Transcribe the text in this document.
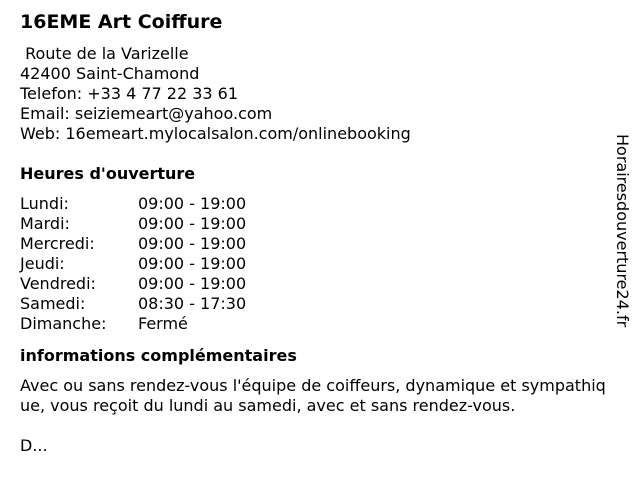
16EME Art Coiffure
Route de la Varizelle
42400 Saint-Chamond
Telefon: +33 4 77 22 33 61
Email: seiziemeart@yahoo.com
Web: 16emeart.mylocalsalon.com/onlinebooking
Heures d'ouverture
Lundi:	09:00 - 19:00
Mardi:	09:00 - 19:00
Mercredi:	09:00 - 19:00
Jeudi:	09:00 - 19:00
Vendredi:	09:00 - 19:00
Samedi:	08:30 - 17:30
Dimanche:	Fermé
informations complémentaires
Avec ou sans rendez-vous l'équipe de coiffeurs, dynamique et sympathique, vous reçoit du lundi au samedi, avec et sans rendez-vous.
D...
Horairesdouverture24.fr
